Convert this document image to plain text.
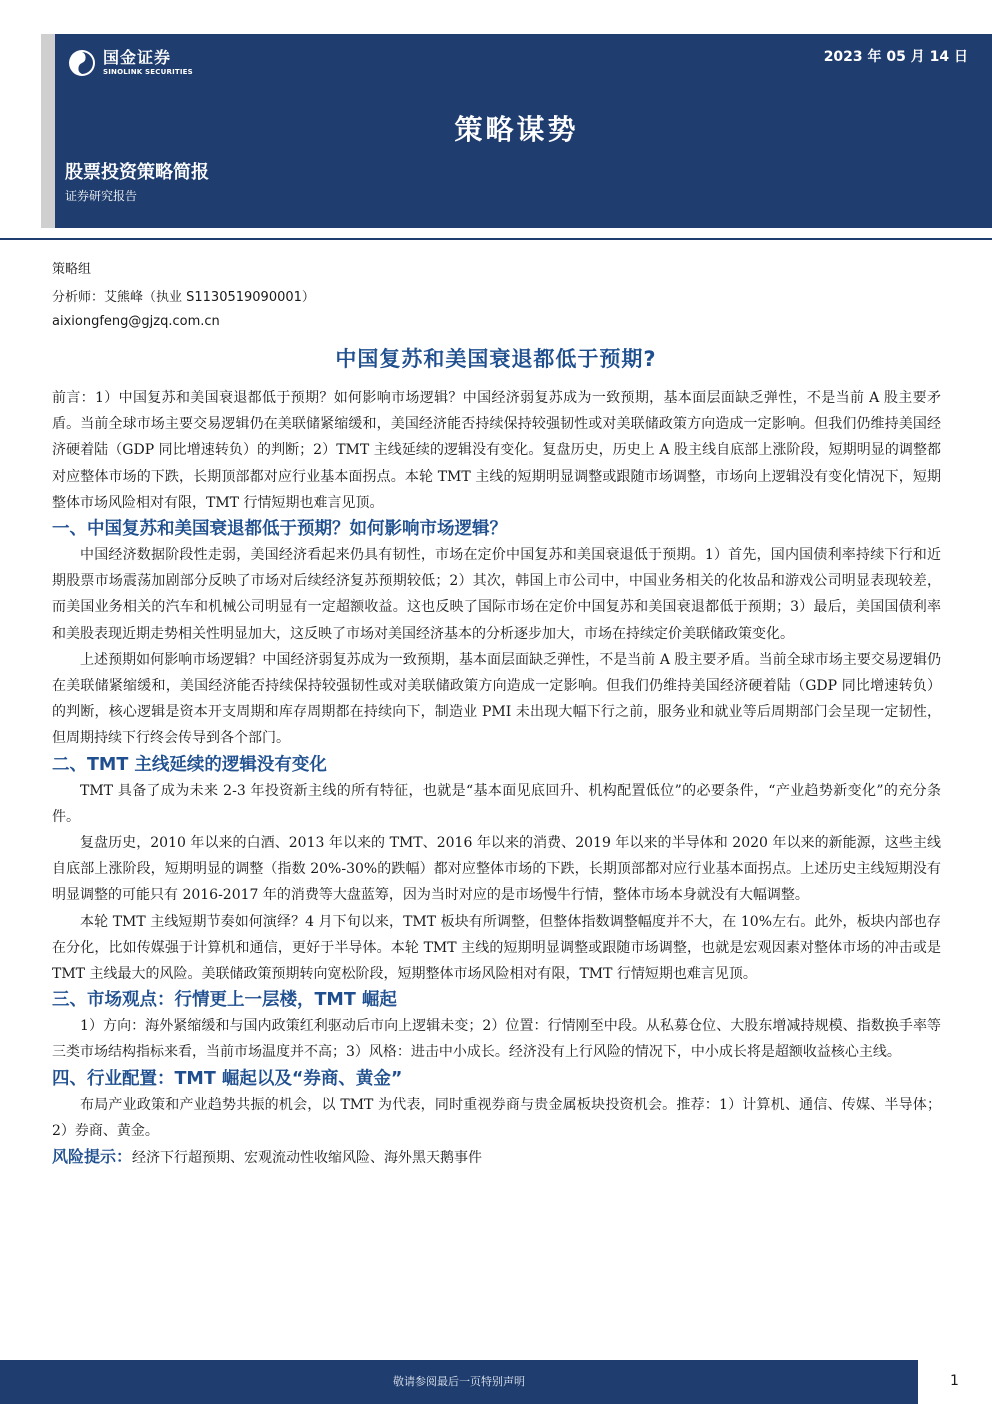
国金证券
SINOLINK SECURITIES
2023 年 05 月 14 日
策略谋势
股票投资策略简报
证券研究报告
策略组
分析师：艾熊峰（执业 S1130519090001）
aixiongfeng@gjzq.com.cn
中国复苏和美国衰退都低于预期?

前言：1）中国复苏和美国衰退都低于预期？如何影响市场逻辑？中国经济弱复苏成为一致预期，基本面层面缺乏弹性，不是当前 A 股主要矛盾。当前全球市场主要交易逻辑仍在美联储紧缩缓和，美国经济能否持续保持较强韧性或对美联储政策方向造成一定影响。但我们仍维持美国经济硬着陆（GDP 同比增速转负）的判断；2）TMT 主线延续的逻辑没有变化。复盘历史，历史上 A 股主线自底部上涨阶段，短期明显的调整都对应整体市场的下跌，长期顶部都对应行业基本面拐点。本轮 TMT 主线的短期明显调整或跟随市场调整，市场向上逻辑没有变化情况下，短期整体市场风险相对有限，TMT 行情短期也难言见顶。

一、中国复苏和美国衰退都低于预期？如何影响市场逻辑？

中国经济数据阶段性走弱，美国经济看起来仍具有韧性，市场在定价中国复苏和美国衰退低于预期。1）首先，国内国债利率持续下行和近期股票市场震荡加剧部分反映了市场对后续经济复苏预期较低；2）其次，韩国上市公司中，中国业务相关的化妆品和游戏公司明显表现较差，而美国业务相关的汽车和机械公司明显有一定超额收益。这也反映了国际市场在定价中国复苏和美国衰退都低于预期；3）最后，美国国债利率和美股表现近期走势相关性明显加大，这反映了市场对美国经济基本的分析逐步加大，市场在持续定价美联储政策变化。

上述预期如何影响市场逻辑？中国经济弱复苏成为一致预期，基本面层面缺乏弹性，不是当前 A 股主要矛盾。当前全球市场主要交易逻辑仍在美联储紧缩缓和，美国经济能否持续保持较强韧性或对美联储政策方向造成一定影响。但我们仍维持美国经济硬着陆（GDP 同比增速转负）的判断，核心逻辑是资本开支周期和库存周期都在持续向下，制造业 PMI 未出现大幅下行之前，服务业和就业等后周期部门会呈现一定韧性，但周期持续下行终会传导到各个部门。

二、TMT 主线延续的逻辑没有变化

TMT 具备了成为未来 2-3 年投资新主线的所有特征，也就是“基本面见底回升、机构配置低位”的必要条件，“产业趋势新变化”的充分条件。

复盘历史，2010 年以来的白酒、2013 年以来的 TMT、2016 年以来的消费、2019 年以来的半导体和 2020 年以来的新能源，这些主线自底部上涨阶段，短期明显的调整（指数 20%-30%的跌幅）都对应整体市场的下跌，长期顶部都对应行业基本面拐点。上述历史主线短期没有明显调整的可能只有 2016-2017 年的消费等大盘蓝筹，因为当时对应的是市场慢牛行情，整体市场本身就没有大幅调整。

本轮 TMT 主线短期节奏如何演绎？4 月下旬以来，TMT 板块有所调整，但整体指数调整幅度并不大，在 10%左右。此外，板块内部也存在分化，比如传媒强于计算机和通信，更好于半导体。本轮 TMT 主线的短期明显调整或跟随市场调整，也就是宏观因素对整体市场的冲击或是 TMT 主线最大的风险。美联储政策预期转向宽松阶段，短期整体市场风险相对有限，TMT 行情短期也难言见顶。

三、市场观点：行情更上一层楼，TMT 崛起

1）方向：海外紧缩缓和与国内政策红利驱动后市向上逻辑未变；2）位置：行情刚至中段。从私募仓位、大股东增减持规模、指数换手率等三类市场结构指标来看，当前市场温度并不高；3）风格：进击中小成长。经济没有上行风险的情况下，中小成长将是超额收益核心主线。

四、行业配置：TMT 崛起以及“券商、黄金”

布局产业政策和产业趋势共振的机会，以 TMT 为代表，同时重视券商与贵金属板块投资机会。推荐：1）计算机、通信、传媒、半导体；2）券商、黄金。

风险提示：经济下行超预期、宏观流动性收缩风险、海外黑天鹅事件

敬请参阅最后一页特别声明	1
